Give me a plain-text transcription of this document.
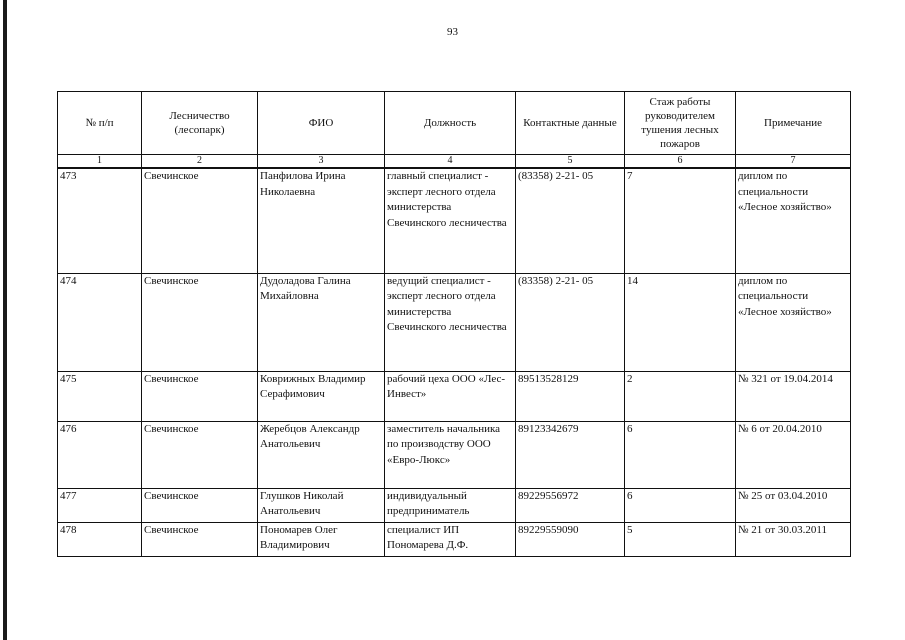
93
№ п/п	Лесничество (лесопарк)	ФИО	Должность	Контактные данные	Стаж работы руководителем тушения лесных пожаров	Примечание
1	2	3	4	5	6	7
473	Свечинское	Панфилова Ирина Николаевна	главный специалист - эксперт лесного отдела министерства Свечинского лесничества	(83358) 2-21- 05	7	диплом по специальности «Лесное хозяйство»
474	Свечинское	Дудоладова Галина Михайловна	ведущий специалист - эксперт лесного отдела министерства Свечинского лесничества	(83358) 2-21- 05	14	диплом по специальности «Лесное хозяйство»
475	Свечинское	Коврижных Владимир Серафимович	рабочий цеха ООО «Лес-Инвест»	89513528129	2	№ 321 от 19.04.2014
476	Свечинское	Жеребцов Александр Анатольевич	заместитель начальника по производству ООО «Евро-Люкс»	89123342679	6	№ 6 от 20.04.2010
477	Свечинское	Глушков Николай Анатольевич	индивидуальный предприниматель	89229556972	6	№ 25 от 03.04.2010
478	Свечинское	Пономарев Олег Владимирович	специалист ИП Пономарева Д.Ф.	89229559090	5	№ 21 от 30.03.2011
